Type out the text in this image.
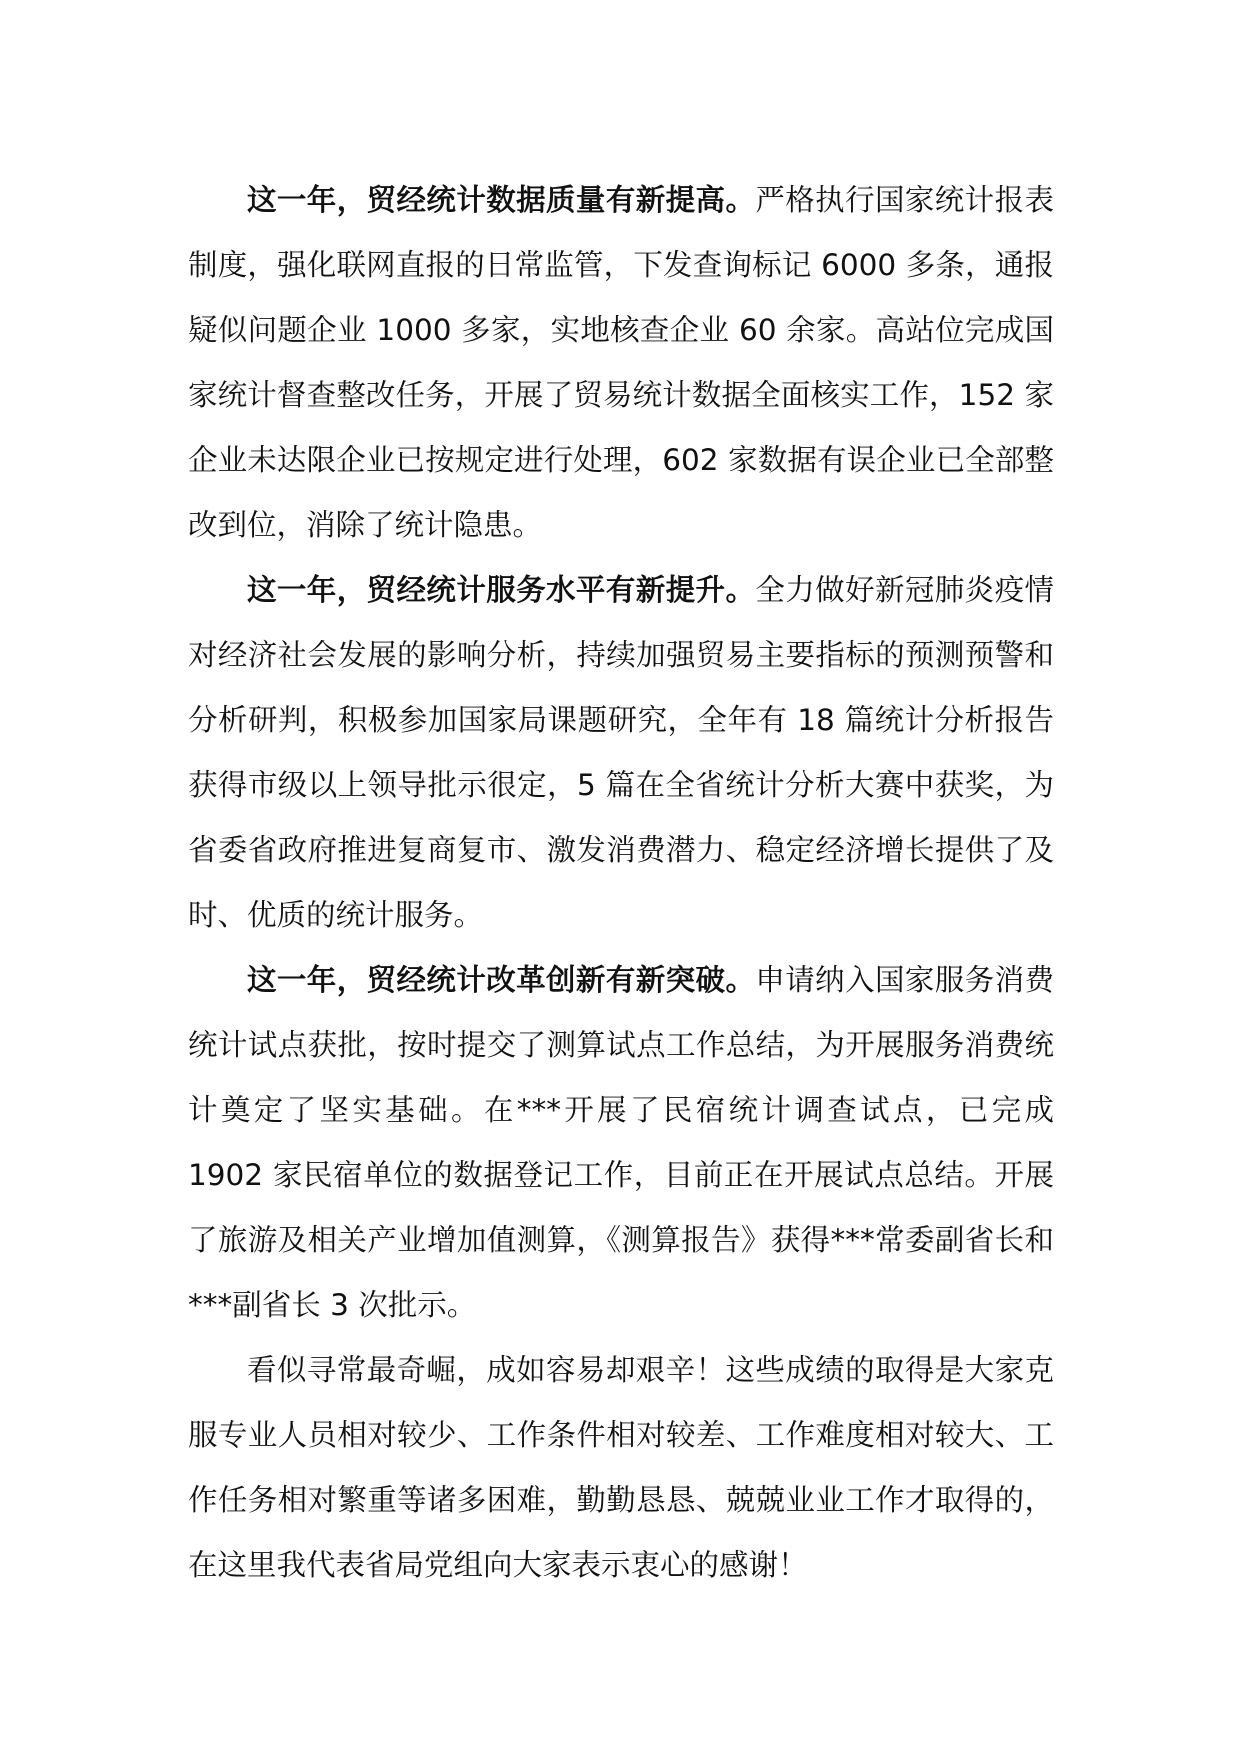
这一年，贸经统计数据质量有新提高。严格执行国家统计报表制度，强化联网直报的日常监管，下发查询标记 6000 多条，通报疑似问题企业 1000 多家，实地核查企业 60 余家。高站位完成国家统计督查整改任务，开展了贸易统计数据全面核实工作，152 家企业未达限企业已按规定进行处理，602 家数据有误企业已全部整改到位，消除了统计隐患。

这一年，贸经统计服务水平有新提升。全力做好新冠肺炎疫情对经济社会发展的影响分析，持续加强贸易主要指标的预测预警和分析研判，积极参加国家局课题研究，全年有 18 篇统计分析报告获得市级以上领导批示很定，5 篇在全省统计分析大赛中获奖，为省委省政府推进复商复市、激发消费潜力、稳定经济增长提供了及时、优质的统计服务。

这一年，贸经统计改革创新有新突破。申请纳入国家服务消费统计试点获批，按时提交了测算试点工作总结，为开展服务消费统计奠定了坚实基础。在***开展了民宿统计调查试点，已完成 1902 家民宿单位的数据登记工作，目前正在开展试点总结。开展了旅游及相关产业增加值测算，《测算报告》获得***常委副省长和***副省长 3 次批示。

看似寻常最奇崛，成如容易却艰辛！这些成绩的取得是大家克服专业人员相对较少、工作条件相对较差、工作难度相对较大、工作任务相对繁重等诸多困难，勤勤恳恳、兢兢业业工作才取得的，在这里我代表省局党组向大家表示衷心的感谢！
